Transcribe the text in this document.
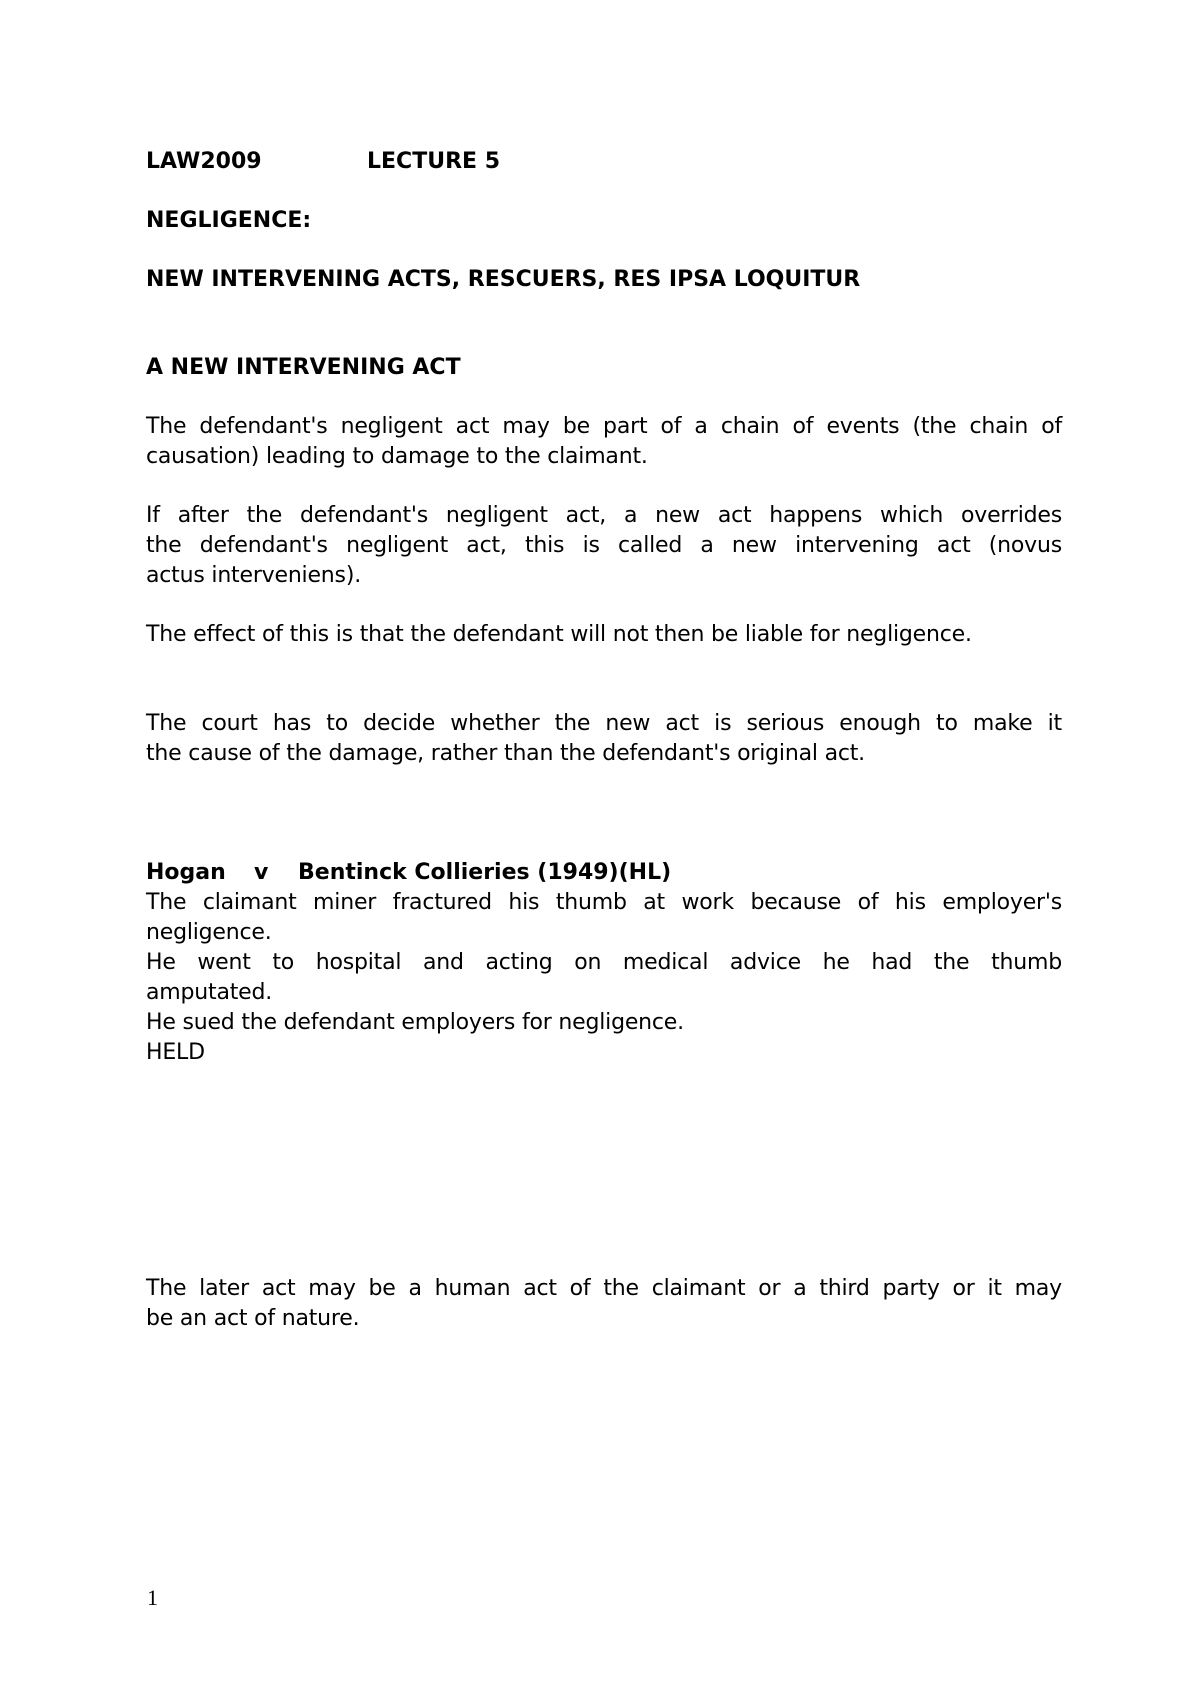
LAW2009	LECTURE 5
NEGLIGENCE:
NEW INTERVENING ACTS, RESCUERS, RES IPSA LOQUITUR
A NEW INTERVENING ACT
The defendant's negligent act may be part of a chain of events (the chain of
causation) leading to damage to the claimant.
If after the defendant's negligent act, a new act happens which overrides
the defendant's negligent act, this is called a new intervening act (novus
actus interveniens).
The effect of this is that the defendant will not then be liable for negligence.
The court has to decide whether the new act is serious enough to make it
the cause of the damage, rather than the defendant's original act.
Hogan v Bentinck Collieries (1949)(HL)
The claimant miner fractured his thumb at work because of his employer's
negligence.
He went to hospital and acting on medical advice he had the thumb
amputated.
He sued the defendant employers for negligence.
HELD
The later act may be a human act of the claimant or a third party or it may
be an act of nature.
1
